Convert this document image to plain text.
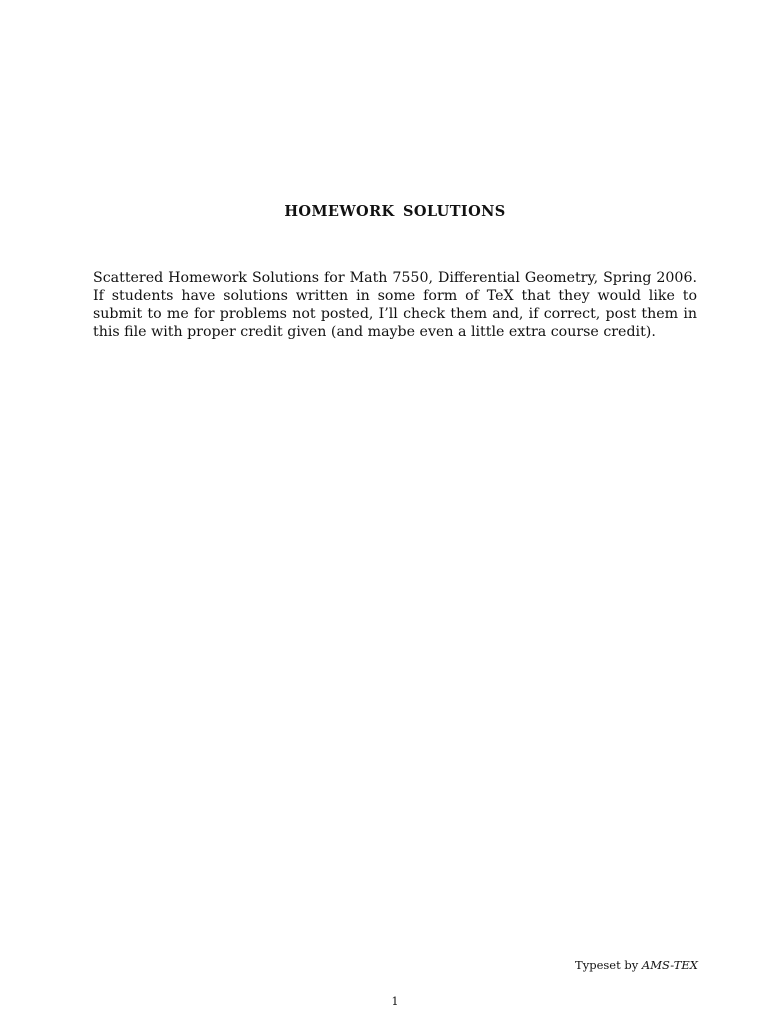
HOMEWORK SOLUTIONS

Scattered Homework Solutions for Math 7550, Differential Geometry, Spring 2006. If students have solutions written in some form of TeX that they would like to submit to me for problems not posted, I’ll check them and, if correct, post them in this file with proper credit given (and maybe even a little extra course credit).

Typeset by AMS-TEX
1
